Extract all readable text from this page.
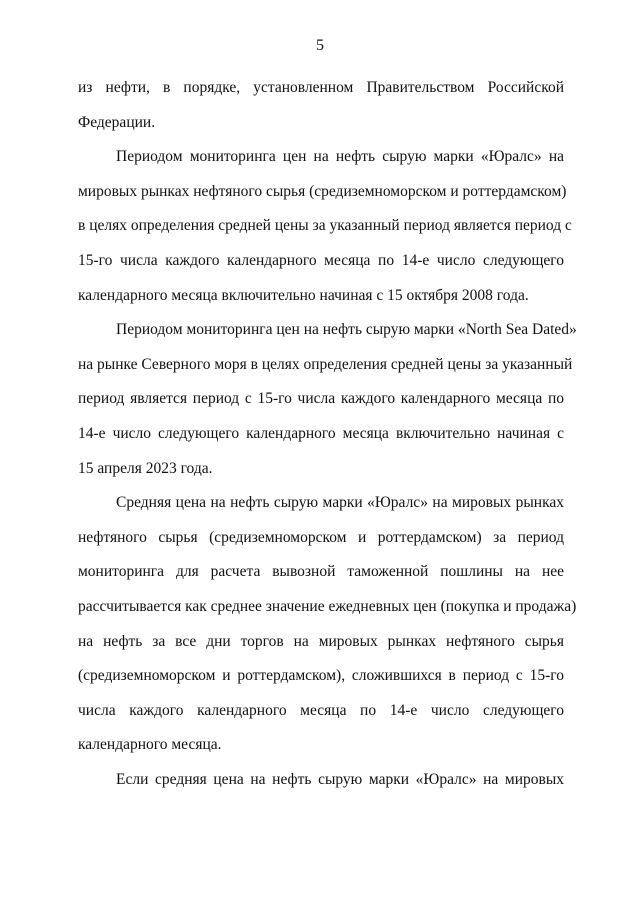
5
из нефти, в порядке, установленном Правительством Российской
Федерации.
Периодом мониторинга цен на нефть сырую марки «Юралс» на
мировых рынках нефтяного сырья (средиземноморском и роттердамском)
в целях определения средней цены за указанный период является период с
15-го числа каждого календарного месяца по 14-е число следующего
календарного месяца включительно начиная с 15 октября 2008 года.
Периодом мониторинга цен на нефть сырую марки «North Sea Dated»
на рынке Северного моря в целях определения средней цены за указанный
период является период с 15-го числа каждого календарного месяца по
14-е число следующего календарного месяца включительно начиная с
15 апреля 2023 года.
Средняя цена на нефть сырую марки «Юралс» на мировых рынках
нефтяного сырья (средиземноморском и роттердамском) за период
мониторинга для расчета вывозной таможенной пошлины на нее
рассчитывается как среднее значение ежедневных цен (покупка и продажа)
на нефть за все дни торгов на мировых рынках нефтяного сырья
(средиземноморском и роттердамском), сложившихся в период с 15-го
числа каждого календарного месяца по 14-е число следующего
календарного месяца.
Если средняя цена на нефть сырую марки «Юралс» на мировых
